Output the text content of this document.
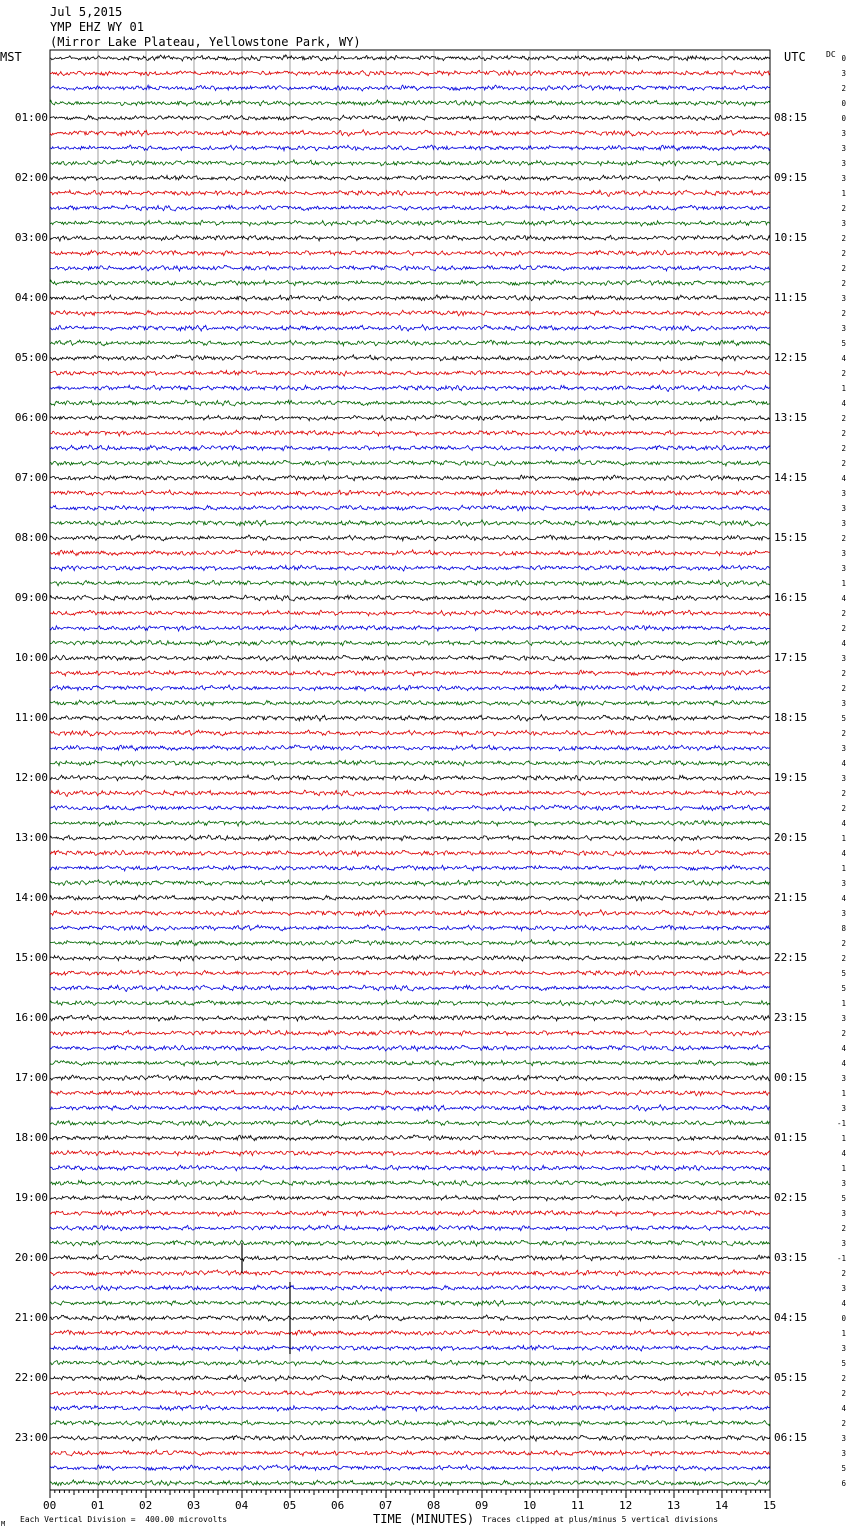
Jul 5,2015
YMP EHZ WY 01
(Mirror Lake Plateau, Yellowstone Park, WY)
MST	UTC	DC
00	01	02	03	04	05	06	07	08	09	10	11	12	13	14	15
01:00	08:15
02:00	09:15
03:00	10:15
04:00	11:15
05:00	12:15
06:00	13:15
07:00	14:15
08:00	15:15
09:00	16:15
10:00	17:15
11:00	18:15
12:00	19:15
13:00	20:15
14:00	21:15
15:00	22:15
16:00	23:15
17:00	00:15
18:00	01:15
19:00	02:15
20:00	03:15
21:00	04:15
22:00	05:15
23:00	06:15
0
3
2
0
0
3
3
3
3
1
2
3
2
2
2
2
3
2
3
5
4
2
1
4
2
2
2
2
4
3
3
3
2
3
3
1
4
2
2
4
3
2
2
3
5
2
3
4
3
2
2
4
1
4
1
3
4
3
8
2
2
5
5
1
3
2
4
4
3
1
3
-1
1
4
1
3
5
3
2
3
-1
2
3
4
0
1
3
5
2
2
4
2
3
3
5
6
M Each Vertical Division =  400.00 microvolts	TIME (MINUTES) Traces clipped at plus/minus 5 vertical divisions
